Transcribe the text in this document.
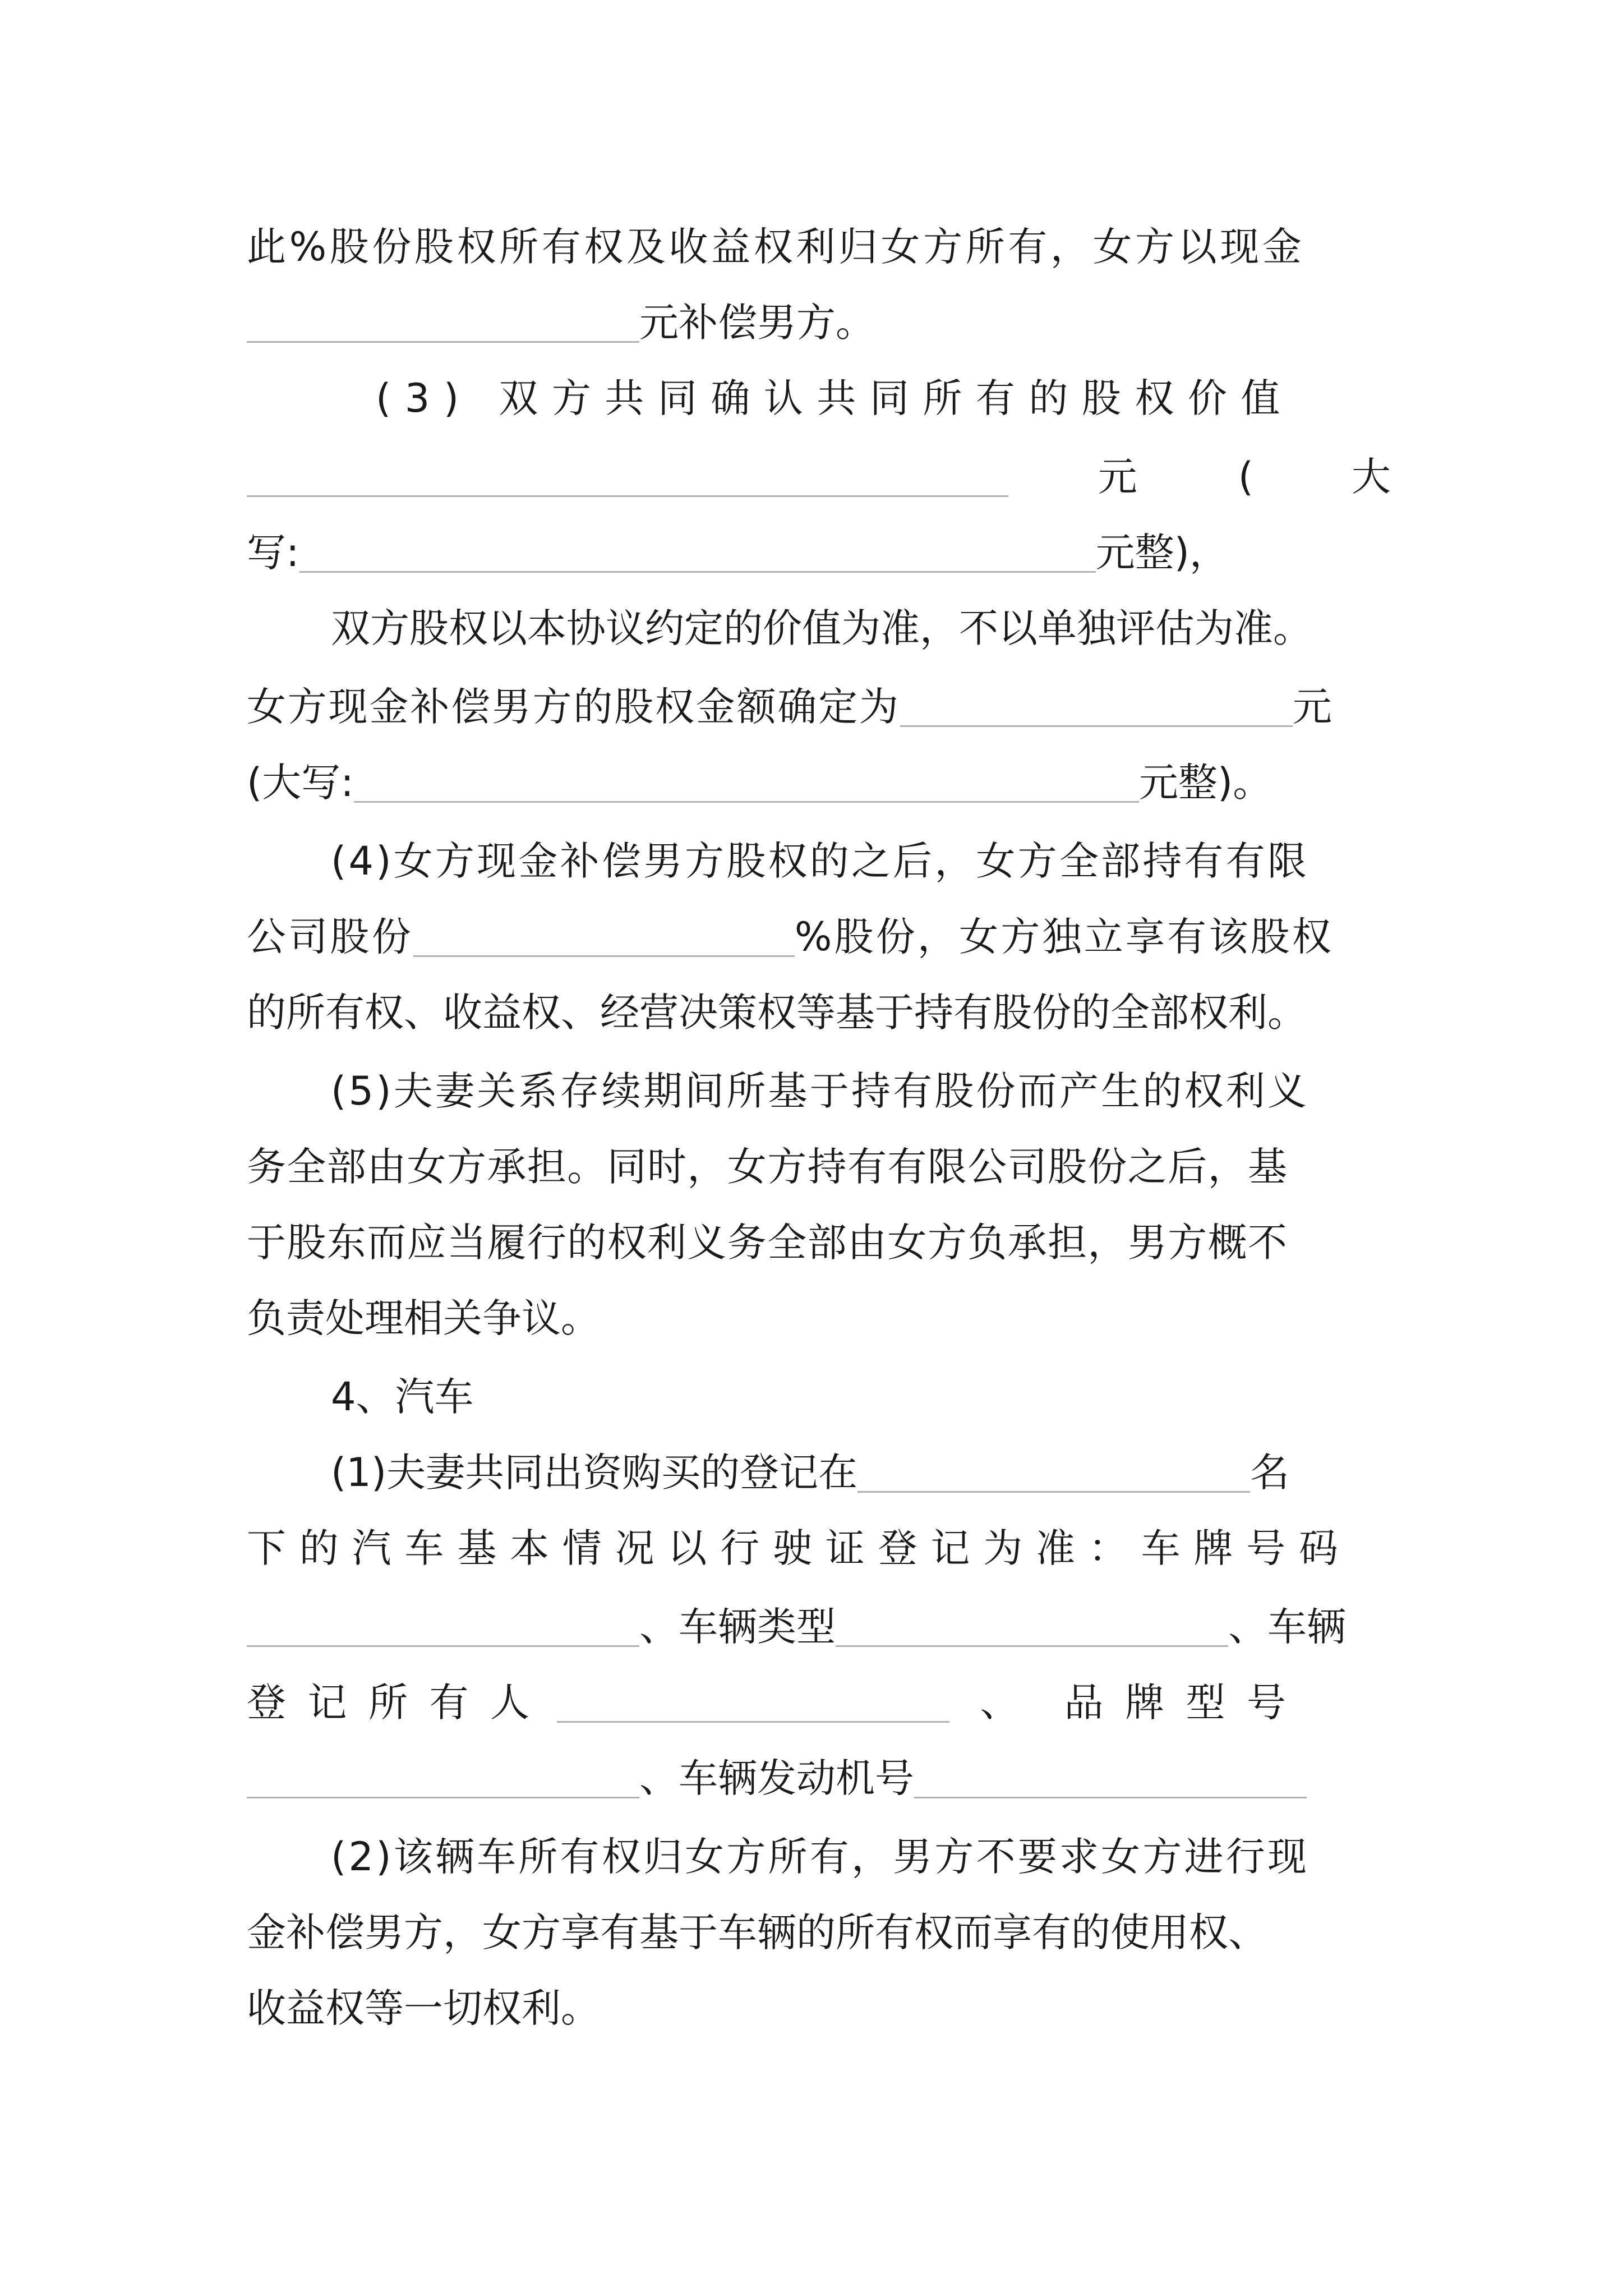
此%股份股权所有权及收益权利归女方所有，女方以现金
元补偿男方。
(3) 双方共同确认共同所有的股权价值
元	(	大
写:	元整)，
双方股权以本协议约定的价值为准，不以单独评估为准。
女方现金补偿男方的股权金额确定为	元
(大写:	元整)。
(4)女方现金补偿男方股权的之后，女方全部持有有限
公司股份	%股份，女方独立享有该股权
的所有权、收益权、经营决策权等基于持有股份的全部权利。
(5)夫妻关系存续期间所基于持有股份而产生的权利义
务全部由女方承担。同时，女方持有有限公司股份之后，基
于股东而应当履行的权利义务全部由女方负承担，男方概不
负责处理相关争议。
4、汽车
(1)夫妻共同出资购买的登记在	名
下的汽车基本情况以行驶证登记为准：车牌号码
、车辆类型	、车辆
登记所有人	、 品牌型号
、车辆发动机号
(2)该辆车所有权归女方所有，男方不要求女方进行现
金补偿男方，女方享有基于车辆的所有权而享有的使用权、
收益权等一切权利。
